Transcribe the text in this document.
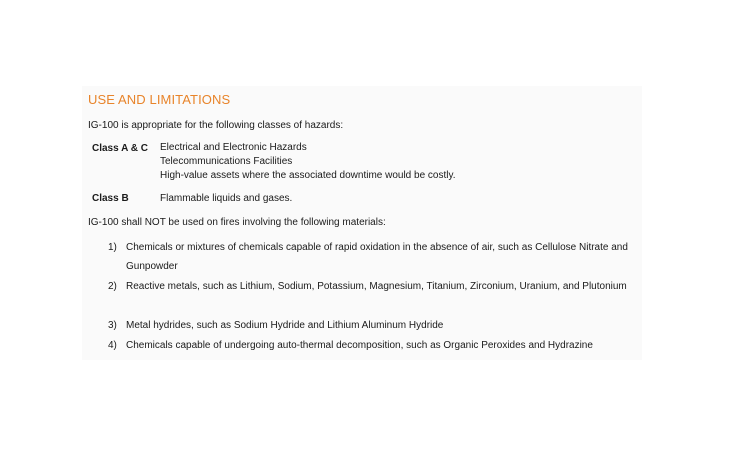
USE AND LIMITATIONS

IG-100 is appropriate for the following classes of hazards:

Class A & C Electrical and Electronic Hazards
Telecommunications Facilities
High-value assets where the associated downtime would be costly.
Class B	Flammable liquids and gases.

IG-100 shall NOT be used on fires involving the following materials:

1) Chemicals or mixtures of chemicals capable of rapid oxidation in the absence of air, such as Cellulose Nitrate and Gunpowder
2) Reactive metals, such as Lithium, Sodium, Potassium, Magnesium, Titanium, Zirconium, Uranium, and Plutonium
3) Metal hydrides, such as Sodium Hydride and Lithium Aluminum Hydride
4) Chemicals capable of undergoing auto-thermal decomposition, such as Organic Peroxides and Hydrazine
